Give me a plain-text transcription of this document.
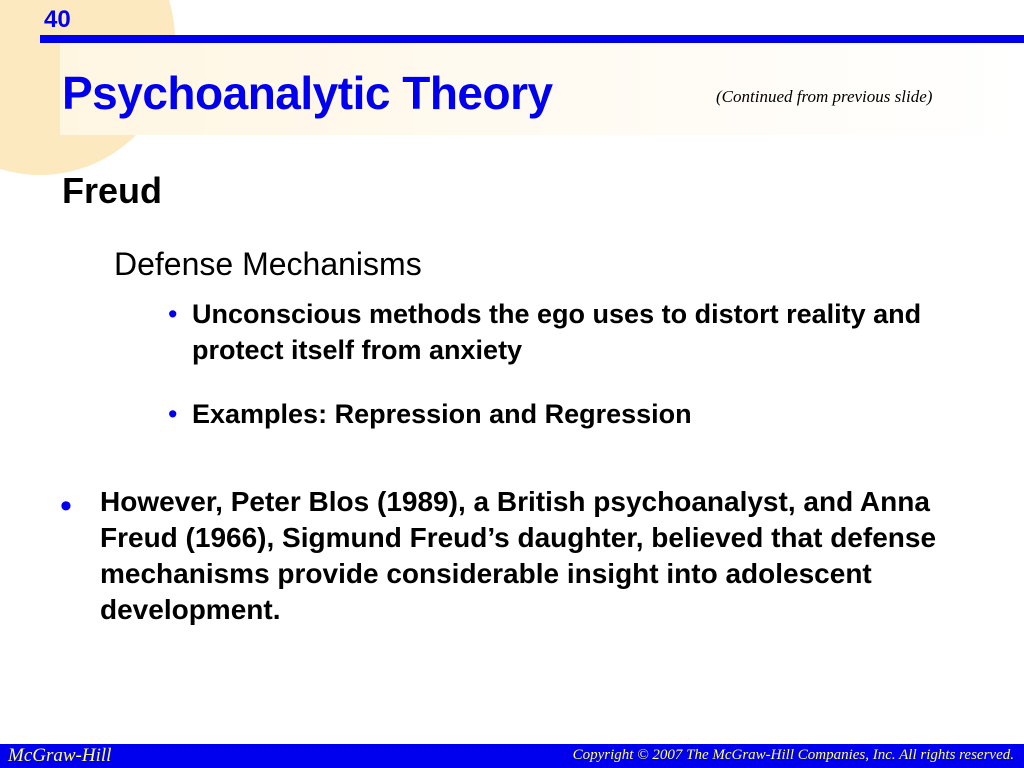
40
Psychoanalytic Theory	(Continued from previous slide)
Freud
Defense Mechanisms
• Unconscious methods the ego uses to distort reality and protect itself from anxiety
• Examples: Repression and Regression
• However, Peter Blos (1989), a British psychoanalyst, and Anna Freud (1966), Sigmund Freud’s daughter, believed that defense mechanisms provide considerable insight into adolescent development.
McGraw-Hill	Copyright © 2007 The McGraw-Hill Companies, Inc. All rights reserved.
